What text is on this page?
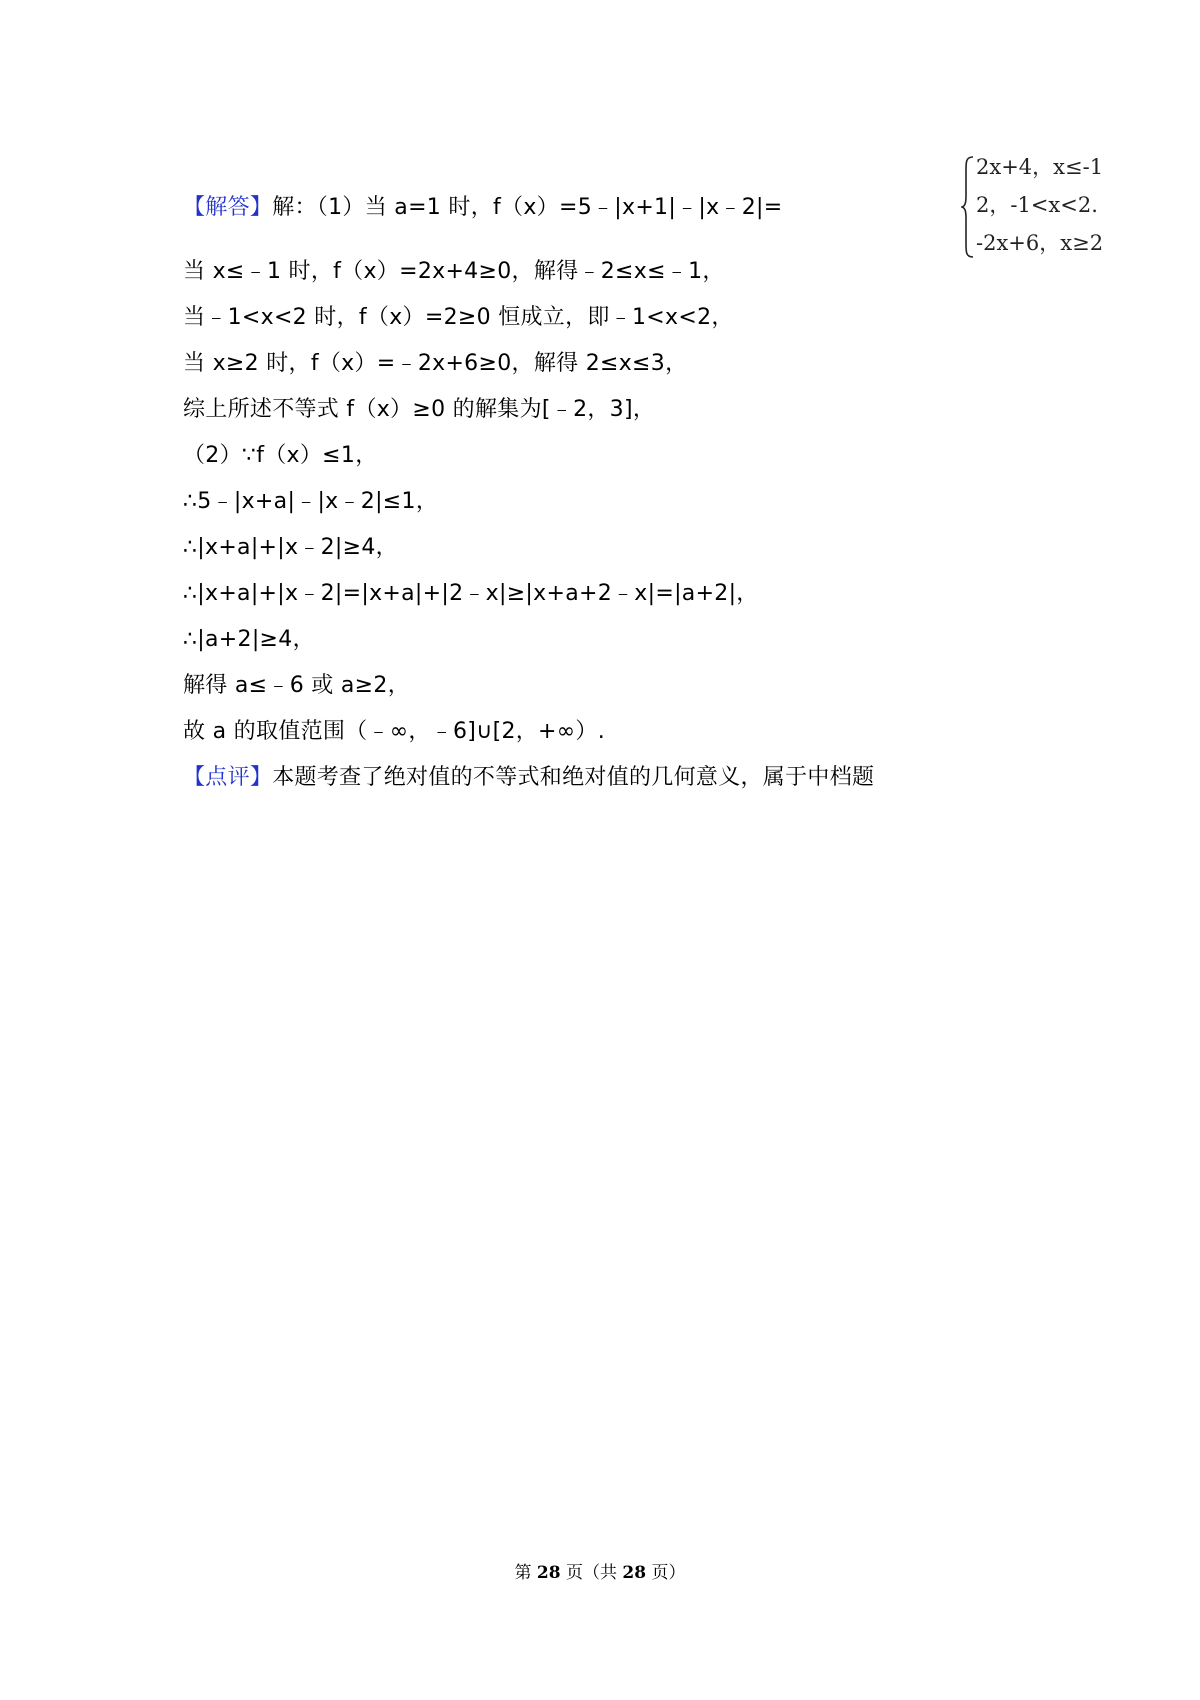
【解答】 解：（1）当 a=1 时，f（x）=5﹣|x+1|﹣|x﹣2|=
2x+4，x≤-1
2，-1<x<2.
-2x+6，x≥2
当 x≤﹣1 时，f（x）=2x+4≥0，解得﹣2≤x≤﹣1，
当﹣1<x<2 时，f（x）=2≥0 恒成立，即﹣1<x<2，
当 x≥2 时，f（x）=﹣2x+6≥0，解得 2≤x≤3，
综上所述不等式 f（x）≥0 的解集为[﹣2，3]，
（2）∵f（x）≤1，
∴5﹣|x+a|﹣|x﹣2|≤1，
∴|x+a|+|x﹣2|≥4，
∴|x+a|+|x﹣2|=|x+a|+|2﹣x|≥|x+a+2﹣x|=|a+2|，
∴|a+2|≥4，
解得 a≤﹣6 或 a≥2，
故 a 的取值范围（﹣∞，﹣6]∪[2，+∞）.
【点评】本题考查了绝对值的不等式和绝对值的几何意义，属于中档题
第 28 页（共 28 页）
